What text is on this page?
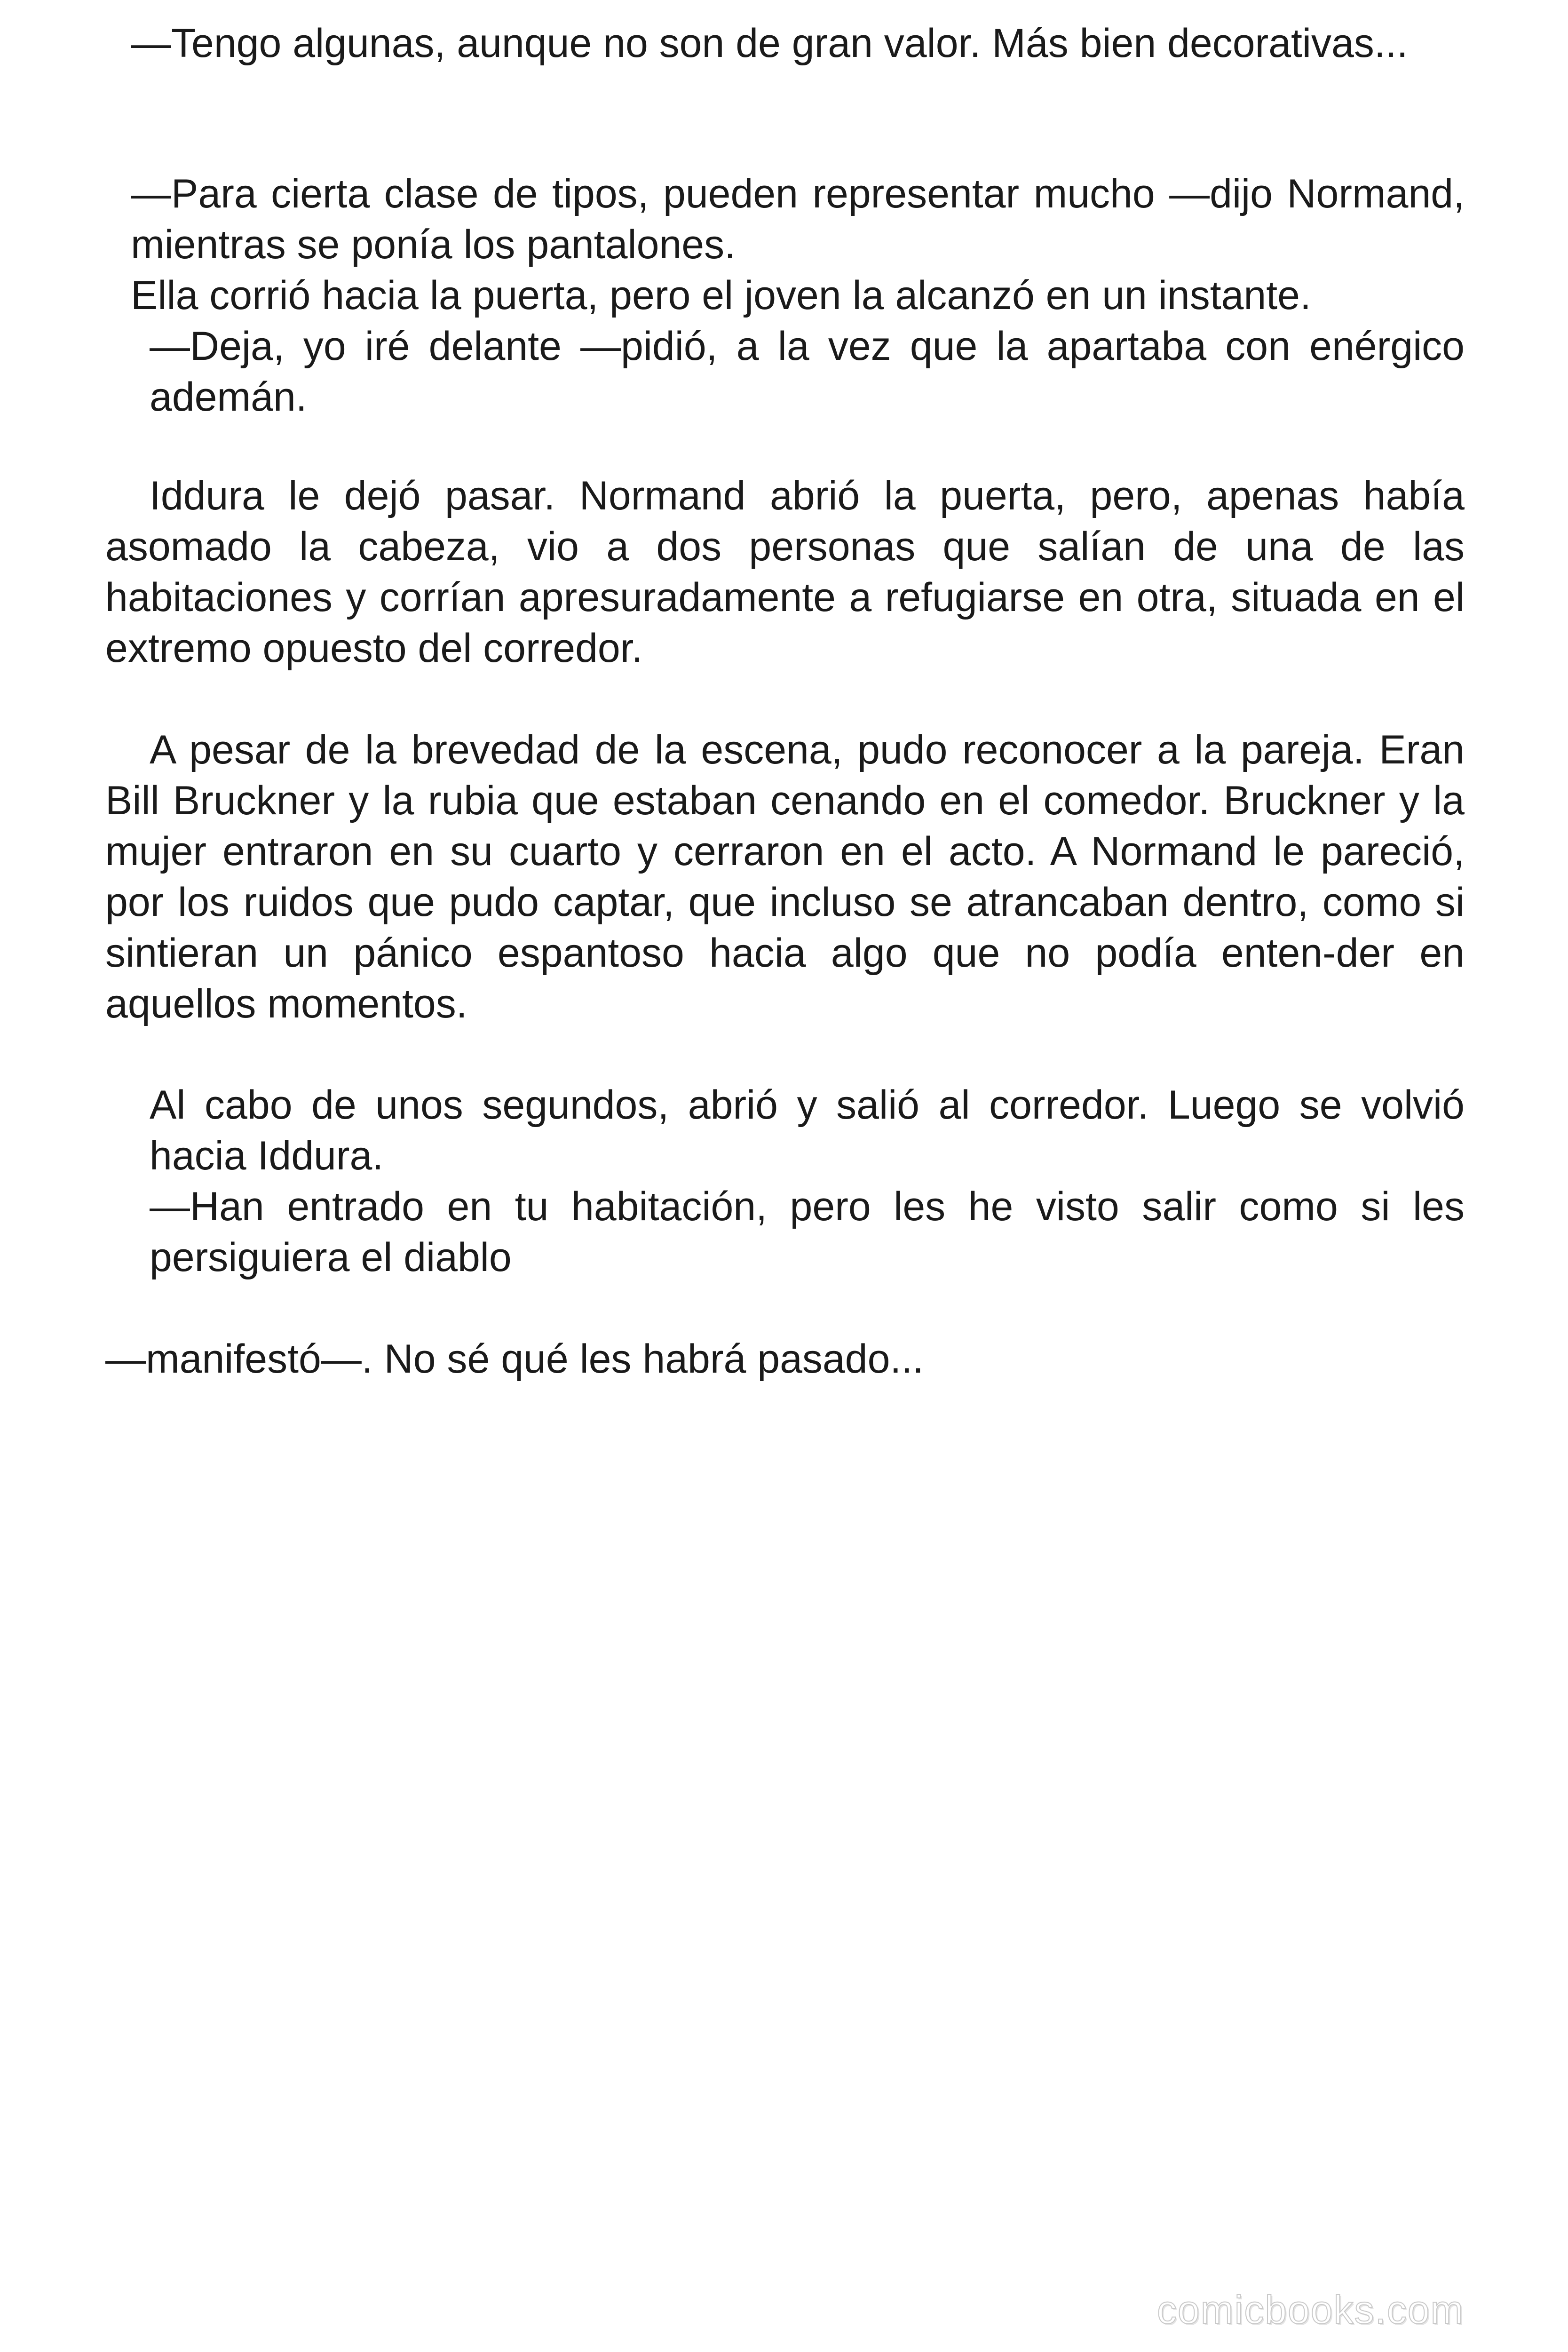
—Tengo algunas, aunque no son de gran valor. Más bien decorativas...

—Para cierta clase de tipos, pueden representar mucho —dijo Normand, mientras se ponía los pantalones.

Ella corrió hacia la puerta, pero el joven la alcanzó en un instante.

—Deja, yo iré delante —pidió, a la vez que la apartaba con enérgico ademán.

Iddura le dejó pasar. Normand abrió la puerta, pero, apenas había asomado la cabeza, vio a dos personas que salían de una de las habitaciones y corrían apresuradamente a refugiarse en otra, situada en el extremo opuesto del corredor.

A pesar de la brevedad de la escena, pudo reconocer a la pareja. Eran Bill Bruckner y la rubia que estaban cenando en el comedor. Bruckner y la mujer entraron en su cuarto y cerraron en el acto. A Normand le pareció, por los ruidos que pudo captar, que incluso se atrancaban dentro, como si sintieran un pánico espantoso hacia algo que no podía enten-der en aquellos momentos.

Al cabo de unos segundos, abrió y salió al corredor. Luego se volvió hacia Iddura.

—Han entrado en tu habitación, pero les he visto salir como si les persiguiera el diablo

—manifestó—. No sé qué les habrá pasado...

comicbooks.com
